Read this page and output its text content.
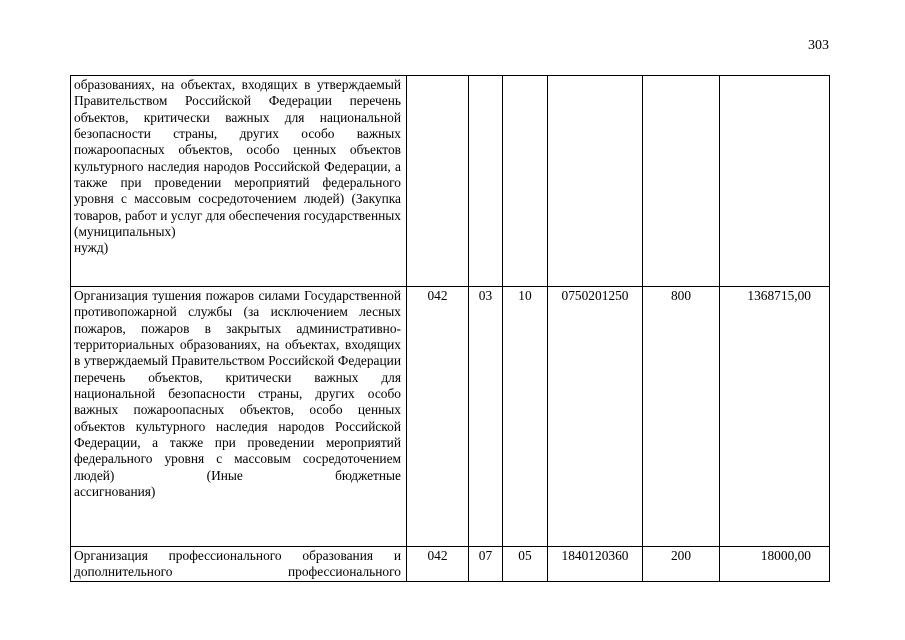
303
образованиях, на объектах, входящих в утверждаемый Правительством Российской Федерации перечень объектов, критически важных для национальной безопасности страны, других особо важных пожароопасных объектов, особо ценных объектов культурного наследия народов Российской Федерации, а также при проведении мероприятий федерального уровня с массовым сосредоточением людей) (Закупка товаров, работ и услуг для обеспечения государственных (муниципальных)
нужд)						

Организация тушения пожаров силами Государственной противопожарной службы (за исключением лесных пожаров, пожаров в закрытых административно-территориальных образованиях, на объектах, входящих в утверждаемый Правительством Российской Федерации перечень объектов, критически важных для национальной безопасности страны, других особо важных пожароопасных объектов, особо ценных объектов культурного наследия народов Российской Федерации, а также при проведении мероприятий федерального уровня с массовым сосредоточением людей) (Иные бюджетные
ассигнования)	042	03	10	0750201250	800	1368715,00
Организация профессионального образования и дополнительного профессионального	042	07	05	1840120360	200	18000,00
